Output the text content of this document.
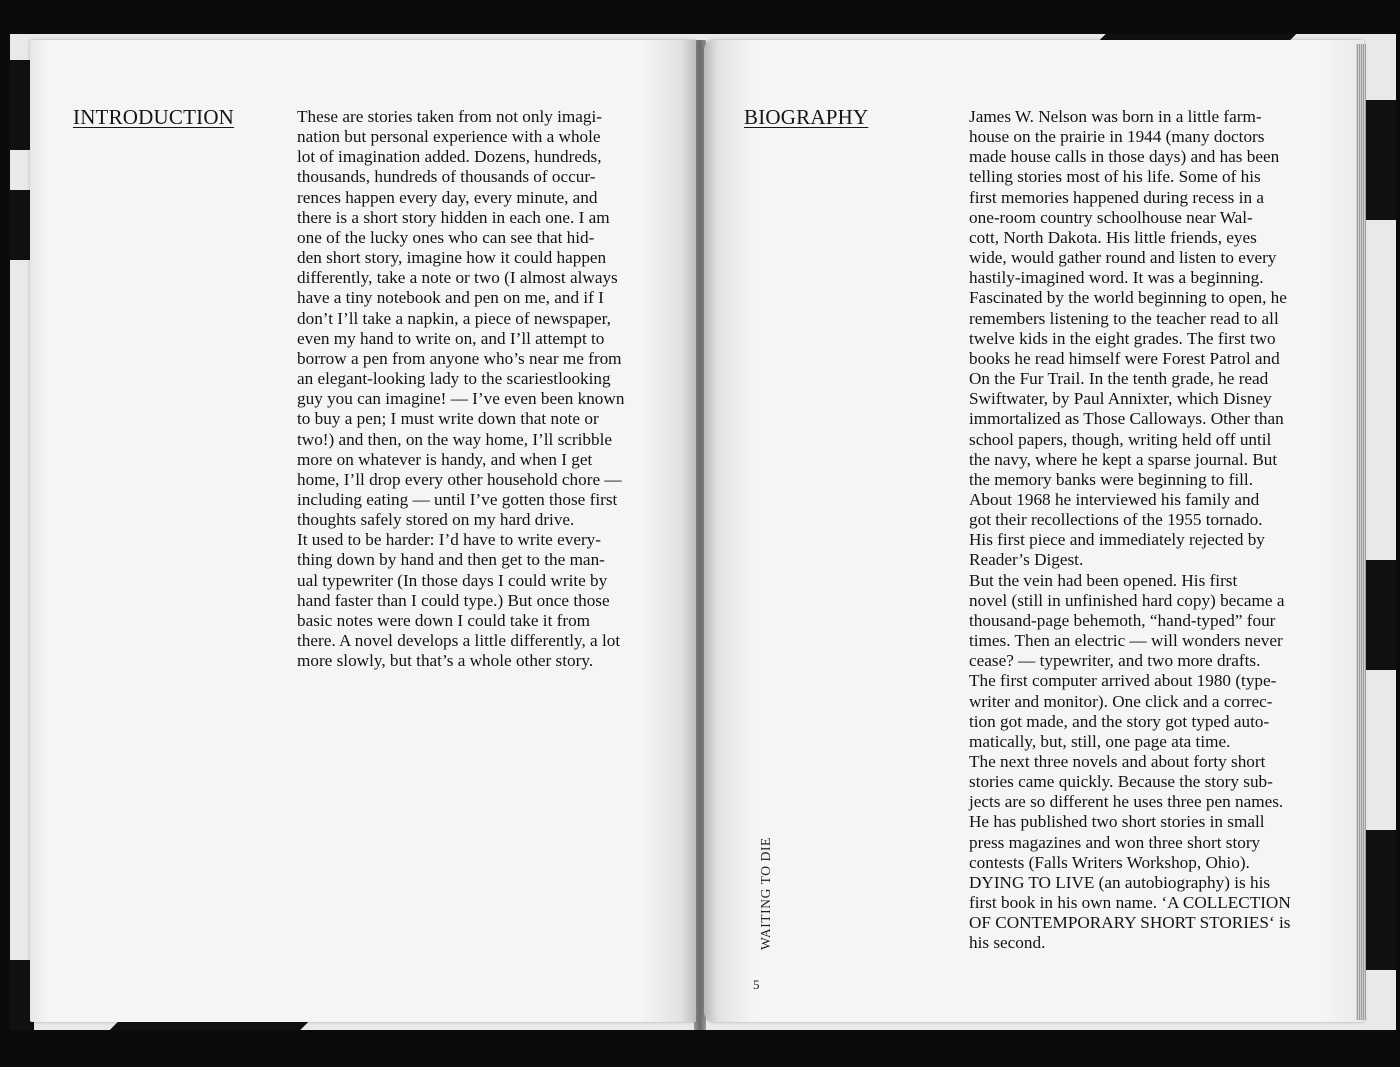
INTRODUCTION	These are stories taken from not only imagi-
nation but personal experience with a whole
lot of imagination added. Dozens, hundreds,
thousands, hundreds of thousands of occur-
rences happen every day, every minute, and
there is a short story hidden in each one. I am
one of the lucky ones who can see that hid-
den short story, imagine how it could happen
differently, take a note or two (I almost always
have a tiny notebook and pen on me, and if I
don’t I’ll take a napkin, a piece of newspaper,
even my hand to write on, and I’ll attempt to
borrow a pen from anyone who’s near me from
an elegant-looking lady to the scariestlooking
guy you can imagine! — I’ve even been known
to buy a pen; I must write down that note or
two!) and then, on the way home, I’ll scribble
more on whatever is handy, and when I get
home, I’ll drop every other household chore —
including eating — until I’ve gotten those first
thoughts safely stored on my hard drive.
It used to be harder: I’d have to write every-
thing down by hand and then get to the man-
ual typewriter (In those days I could write by
hand faster than I could type.) But once those
basic notes were down I could take it from
there. A novel develops a little differently, a lot
more slowly, but that’s a whole other story.
BIOGRAPHY	James W. Nelson was born in a little farm-
house on the prairie in 1944 (many doctors
made house calls in those days) and has been
telling stories most of his life. Some of his
first memories happened during recess in a
one-room country schoolhouse near Wal-
cott, North Dakota. His little friends, eyes
wide, would gather round and listen to every
hastily-imagined word. It was a beginning.
Fascinated by the world beginning to open, he
remembers listening to the teacher read to all
twelve kids in the eight grades. The first two
books he read himself were Forest Patrol and
On the Fur Trail. In the tenth grade, he read
Swiftwater, by Paul Annixter, which Disney
immortalized as Those Calloways. Other than
school papers, though, writing held off until
the navy, where he kept a sparse journal. But
the memory banks were beginning to fill.
About 1968 he interviewed his family and
got their recollections of the 1955 tornado.
His first piece and immediately rejected by
Reader’s Digest.
But the vein had been opened. His first
novel (still in unfinished hard copy) became a
thousand-page behemoth, “hand-typed” four
times. Then an electric — will wonders never
cease? — typewriter, and two more drafts.
The first computer arrived about 1980 (type-
writer and monitor). One click and a correc-
tion got made, and the story got typed auto-
matically, but, still, one page ata time.
The next three novels and about forty short
stories came quickly. Because the story sub-
jects are so different he uses three pen names.
He has published two short stories in small
press magazines and won three short story
contests (Falls Writers Workshop, Ohio).
DYING TO LIVE (an autobiography) is his
first book in his own name. ‘A COLLECTION
OF CONTEMPORARY SHORT STORIES‘ is
his second.
WAITING TO DIE
5
